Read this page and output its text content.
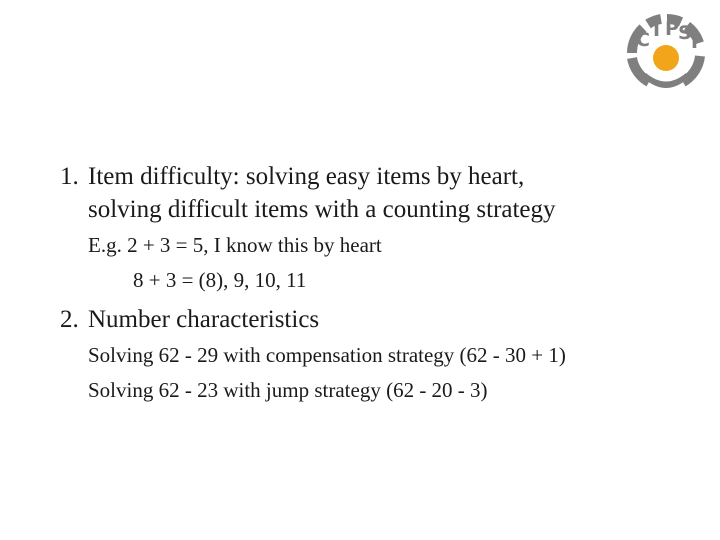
C I P S
T
1. Item difficulty: solving easy items by heart,
solving difficult items with a counting strategy
E.g. 2 + 3 = 5, I know this by heart
8 + 3 = (8), 9, 10, 11
2. Number characteristics
Solving 62 - 29 with compensation strategy (62 - 30 + 1)
Solving 62 - 23 with jump strategy (62 - 20 - 3)
